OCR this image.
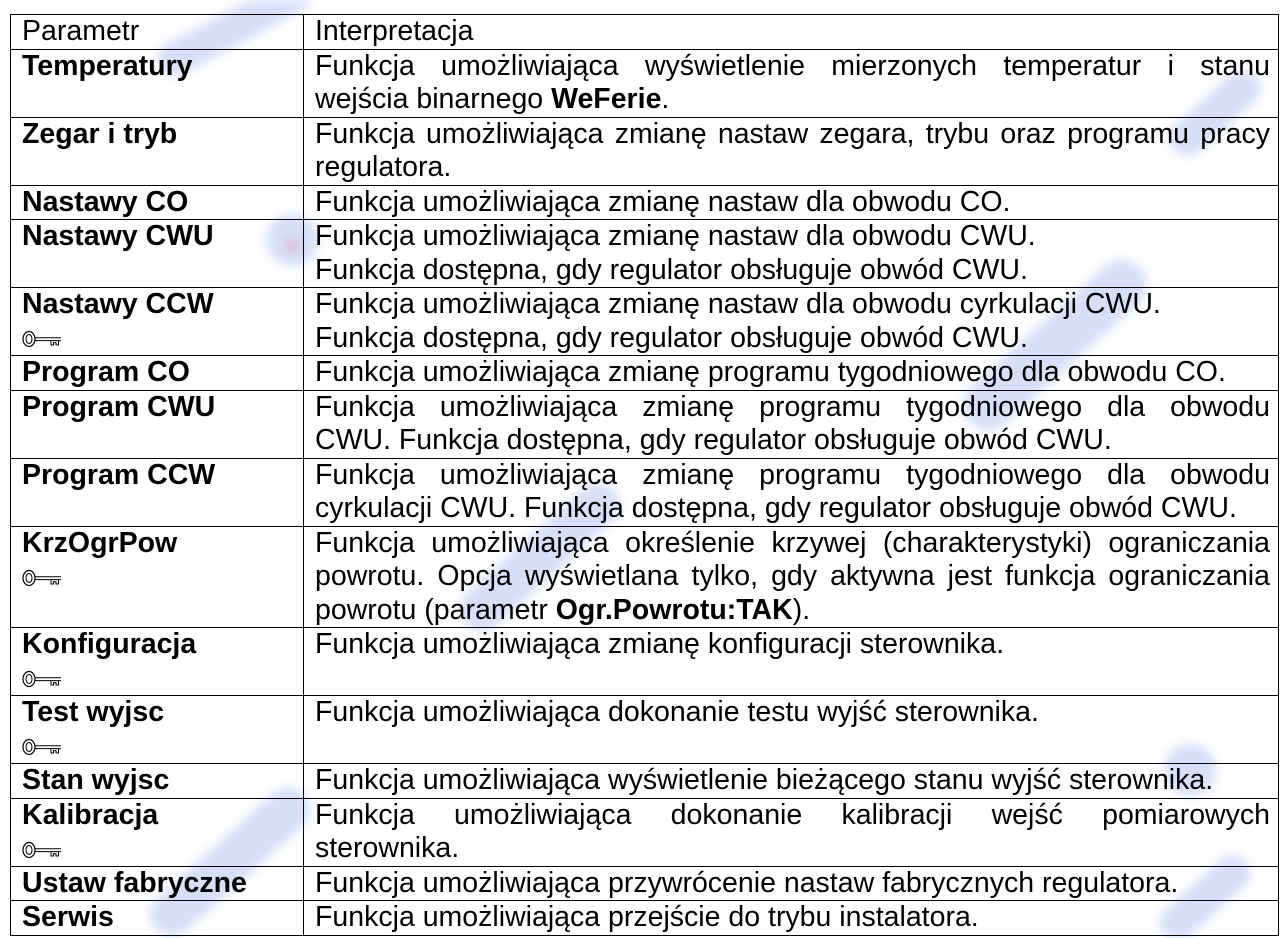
Parametr	Interpretacja

Temperatury	Funkcja umożliwiająca wyświetlenie mierzonych temperatur i stanu
wejścia binarnego WeFerie.

Zegar i tryb	Funkcja umożliwiająca zmianę nastaw zegara, trybu oraz programu pracy
regulatora.

Nastawy CO	Funkcja umożliwiająca zmianę nastaw dla obwodu CO.

Nastawy CWU	Funkcja umożliwiająca zmianę nastaw dla obwodu CWU.
Funkcja dostępna, gdy regulator obsługuje obwód CWU.

Nastawy CCW	Funkcja umożliwiająca zmianę nastaw dla obwodu cyrkulacji CWU.
Funkcja dostępna, gdy regulator obsługuje obwód CWU.

Program CO	Funkcja umożliwiająca zmianę programu tygodniowego dla obwodu CO.

Program CWU	Funkcja umożliwiająca zmianę programu tygodniowego dla obwodu
CWU. Funkcja dostępna, gdy regulator obsługuje obwód CWU.

Program CCW	Funkcja umożliwiająca zmianę programu tygodniowego dla obwodu
cyrkulacji CWU. Funkcja dostępna, gdy regulator obsługuje obwód CWU.

KrzOgrPow	Funkcja umożliwiająca określenie krzywej (charakterystyki) ograniczania
powrotu. Opcja wyświetlana tylko, gdy aktywna jest funkcja ograniczania
powrotu (parametr Ogr.Powrotu:TAK).

Konfiguracja	Funkcja umożliwiająca zmianę konfiguracji sterownika.

Test wyjsc	Funkcja umożliwiająca dokonanie testu wyjść sterownika.

Stan wyjsc	Funkcja umożliwiająca wyświetlenie bieżącego stanu wyjść sterownika.

Kalibracja	Funkcja umożliwiająca dokonanie kalibracji wejść pomiarowych
sterownika.

Ustaw fabryczne	Funkcja umożliwiająca przywrócenie nastaw fabrycznych regulatora.

Serwis	Funkcja umożliwiająca przejście do trybu instalatora.
